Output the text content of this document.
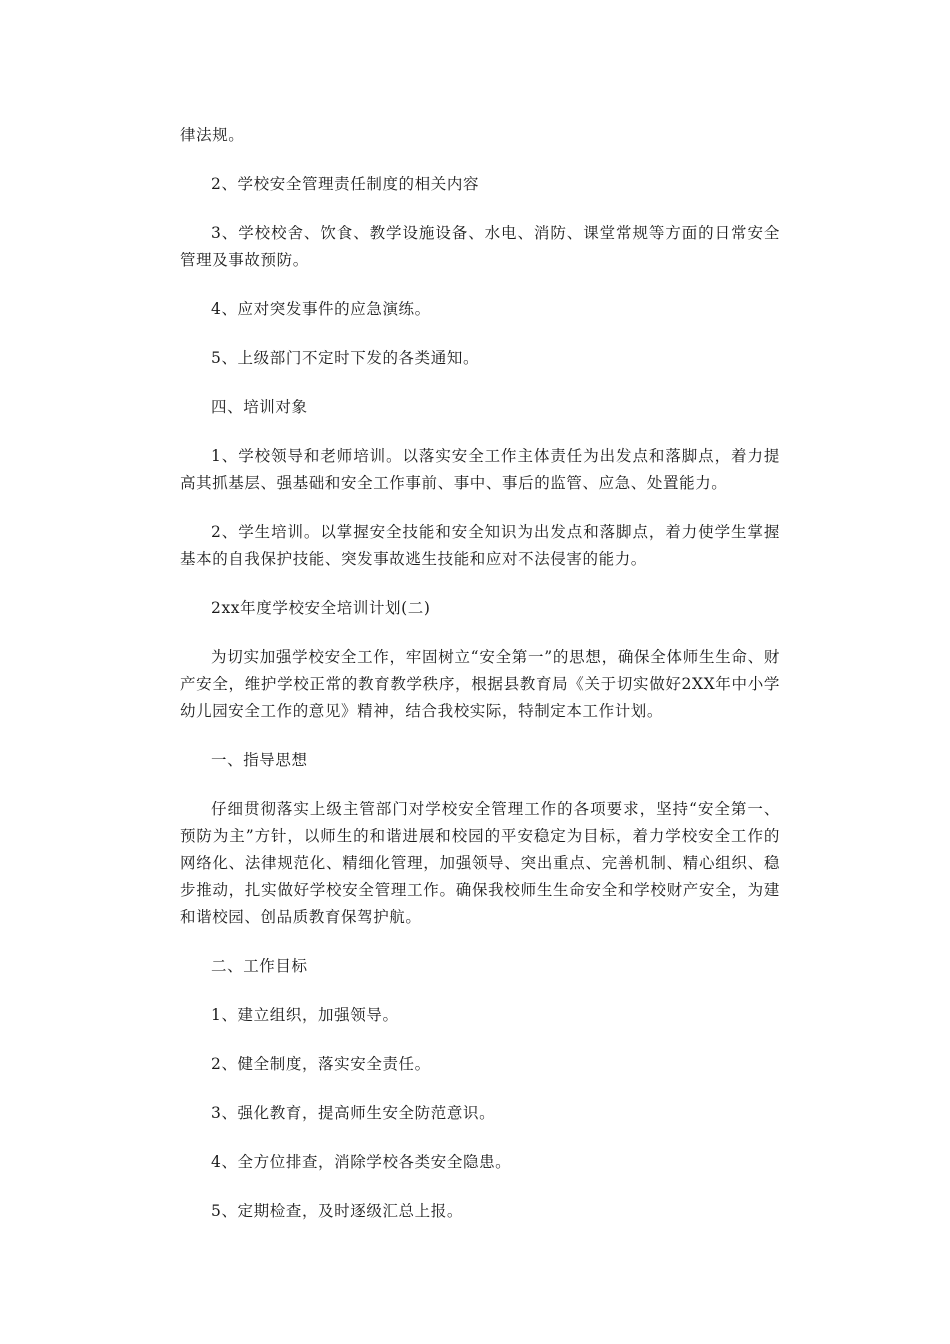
律法规。

2、学校安全管理责任制度的相关内容

3、学校校舍、饮食、教学设施设备、水电、消防、课堂常规等方面的日常安全管理及事故预防。

4、应对突发事件的应急演练。

5、上级部门不定时下发的各类通知。

四、培训对象

1、学校领导和老师培训。以落实安全工作主体责任为出发点和落脚点，着力提高其抓基层、强基础和安全工作事前、事中、事后的监管、应急、处置能力。

2、学生培训。以掌握安全技能和安全知识为出发点和落脚点，着力使学生掌握基本的自我保护技能、突发事故逃生技能和应对不法侵害的能力。

2xx年度学校安全培训计划(二)

为切实加强学校安全工作，牢固树立“安全第一”的思想，确保全体师生生命、财产安全，维护学校正常的教育教学秩序，根据县教育局《关于切实做好2XX年中小学幼儿园安全工作的意见》精神，结合我校实际，特制定本工作计划。

一、指导思想

仔细贯彻落实上级主管部门对学校安全管理工作的各项要求，坚持“安全第一、预防为主”方针，以师生的和谐进展和校园的平安稳定为目标，着力学校安全工作的网络化、法律规范化、精细化管理，加强领导、突出重点、完善机制、精心组织、稳步推动，扎实做好学校安全管理工作。确保我校师生生命安全和学校财产安全，为建和谐校园、创品质教育保驾护航。

二、工作目标

1、建立组织，加强领导。

2、健全制度，落实安全责任。

3、强化教育，提高师生安全防范意识。

4、全方位排查，消除学校各类安全隐患。

5、定期检查，及时逐级汇总上报。
